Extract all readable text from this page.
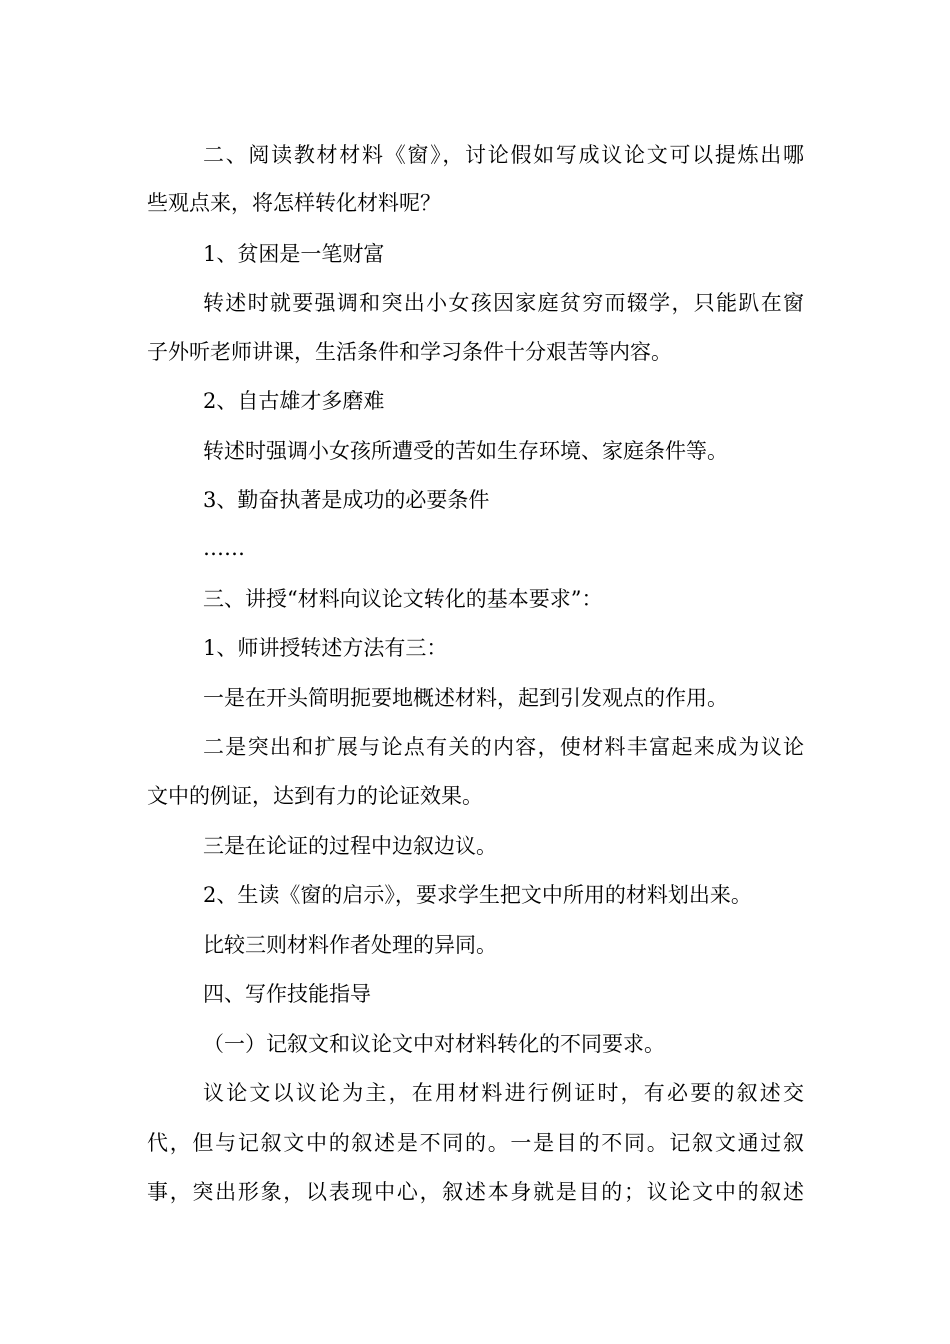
二、阅读教材材料《窗》，讨论假如写成议论文可以提炼出哪
些观点来，将怎样转化材料呢？
1、贫困是一笔财富
转述时就要强调和突出小女孩因家庭贫穷而辍学，只能趴在窗
子外听老师讲课，生活条件和学习条件十分艰苦等内容。
2、自古雄才多磨难
转述时强调小女孩所遭受的苦如生存环境、家庭条件等。
3、勤奋执著是成功的必要条件
……
三、讲授“材料向议论文转化的基本要求”：
1、师讲授转述方法有三：
一是在开头简明扼要地概述材料，起到引发观点的作用。
二是突出和扩展与论点有关的内容，使材料丰富起来成为议论
文中的例证，达到有力的论证效果。
三是在论证的过程中边叙边议。
2、生读《窗的启示》，要求学生把文中所用的材料划出来。
比较三则材料作者处理的异同。
四、写作技能指导
（一）记叙文和议论文中对材料转化的不同要求。
议论文以议论为主，在用材料进行例证时，有必要的叙述交
代，但与记叙文中的叙述是不同的。一是目的不同。记叙文通过叙
事，突出形象，以表现中心，叙述本身就是目的；议论文中的叙述
